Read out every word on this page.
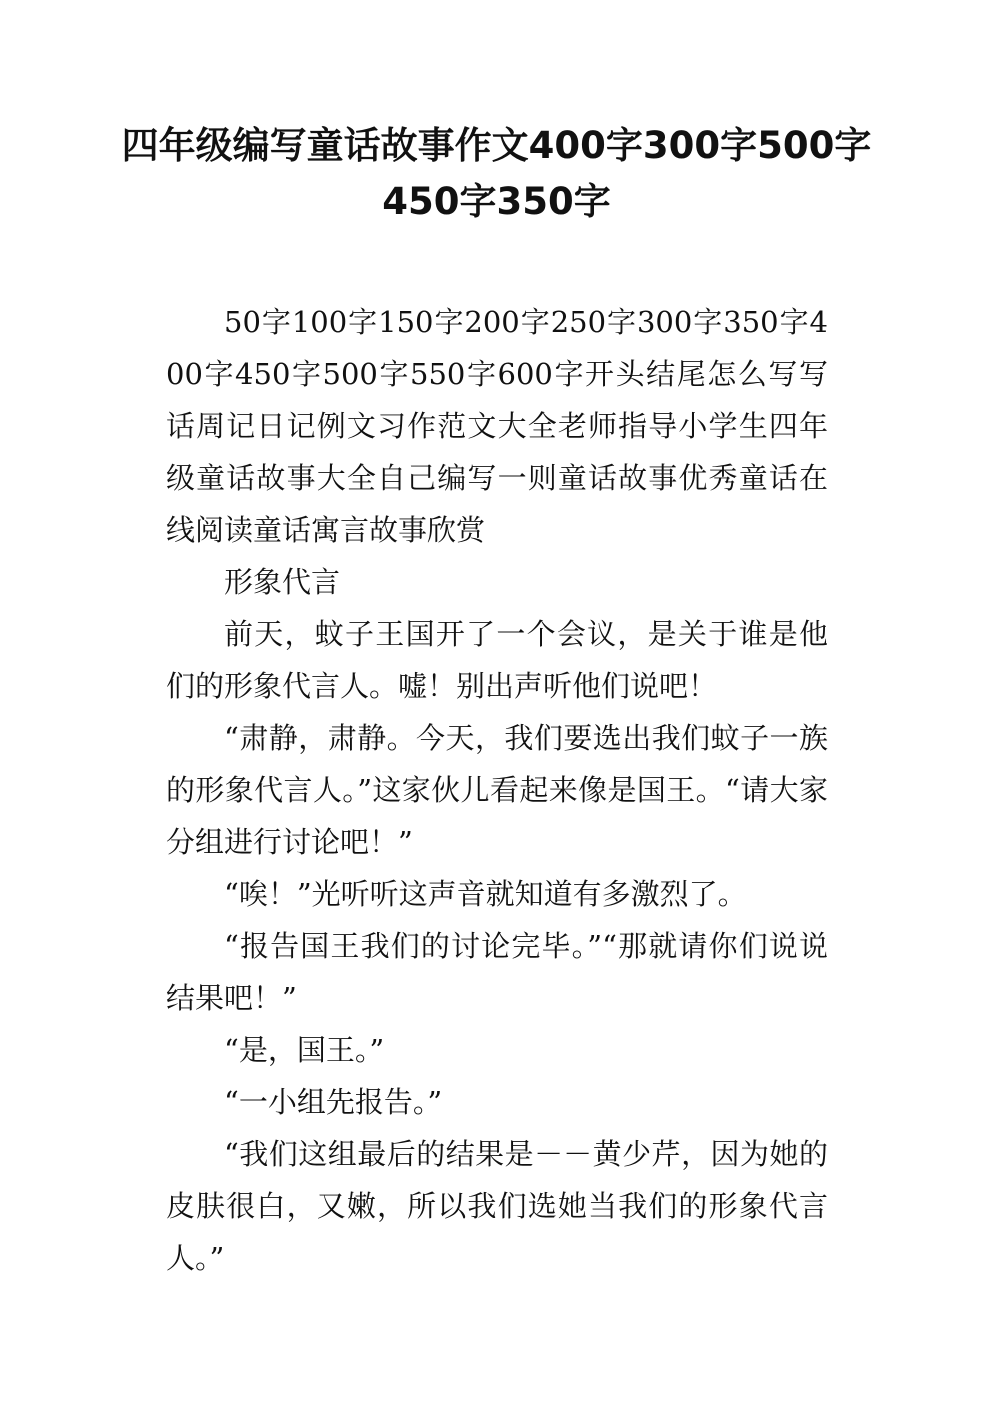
四年级编写童话故事作文400字300字500字450字350字

50字100字150字200字250字300字350字400字450字500字550字600字开头结尾怎么写写话周记日记例文习作范文大全老师指导小学生四年级童话故事大全自己编写一则童话故事优秀童话在线阅读童话寓言故事欣赏

形象代言

前天，蚊子王国开了一个会议，是关于谁是他们的形象代言人。嘘！别出声听他们说吧！

“肃静，肃静。今天，我们要选出我们蚊子一族的形象代言人。”这家伙儿看起来像是国王。“请大家分组进行讨论吧！”

“唉！”光听听这声音就知道有多激烈了。

“报告国王我们的讨论完毕。”“那就请你们说说结果吧！”

“是，国王。”

“一小组先报告。”

“我们这组最后的结果是－－黄少芹，因为她的皮肤很白，又嫩，所以我们选她当我们的形象代言人。”
